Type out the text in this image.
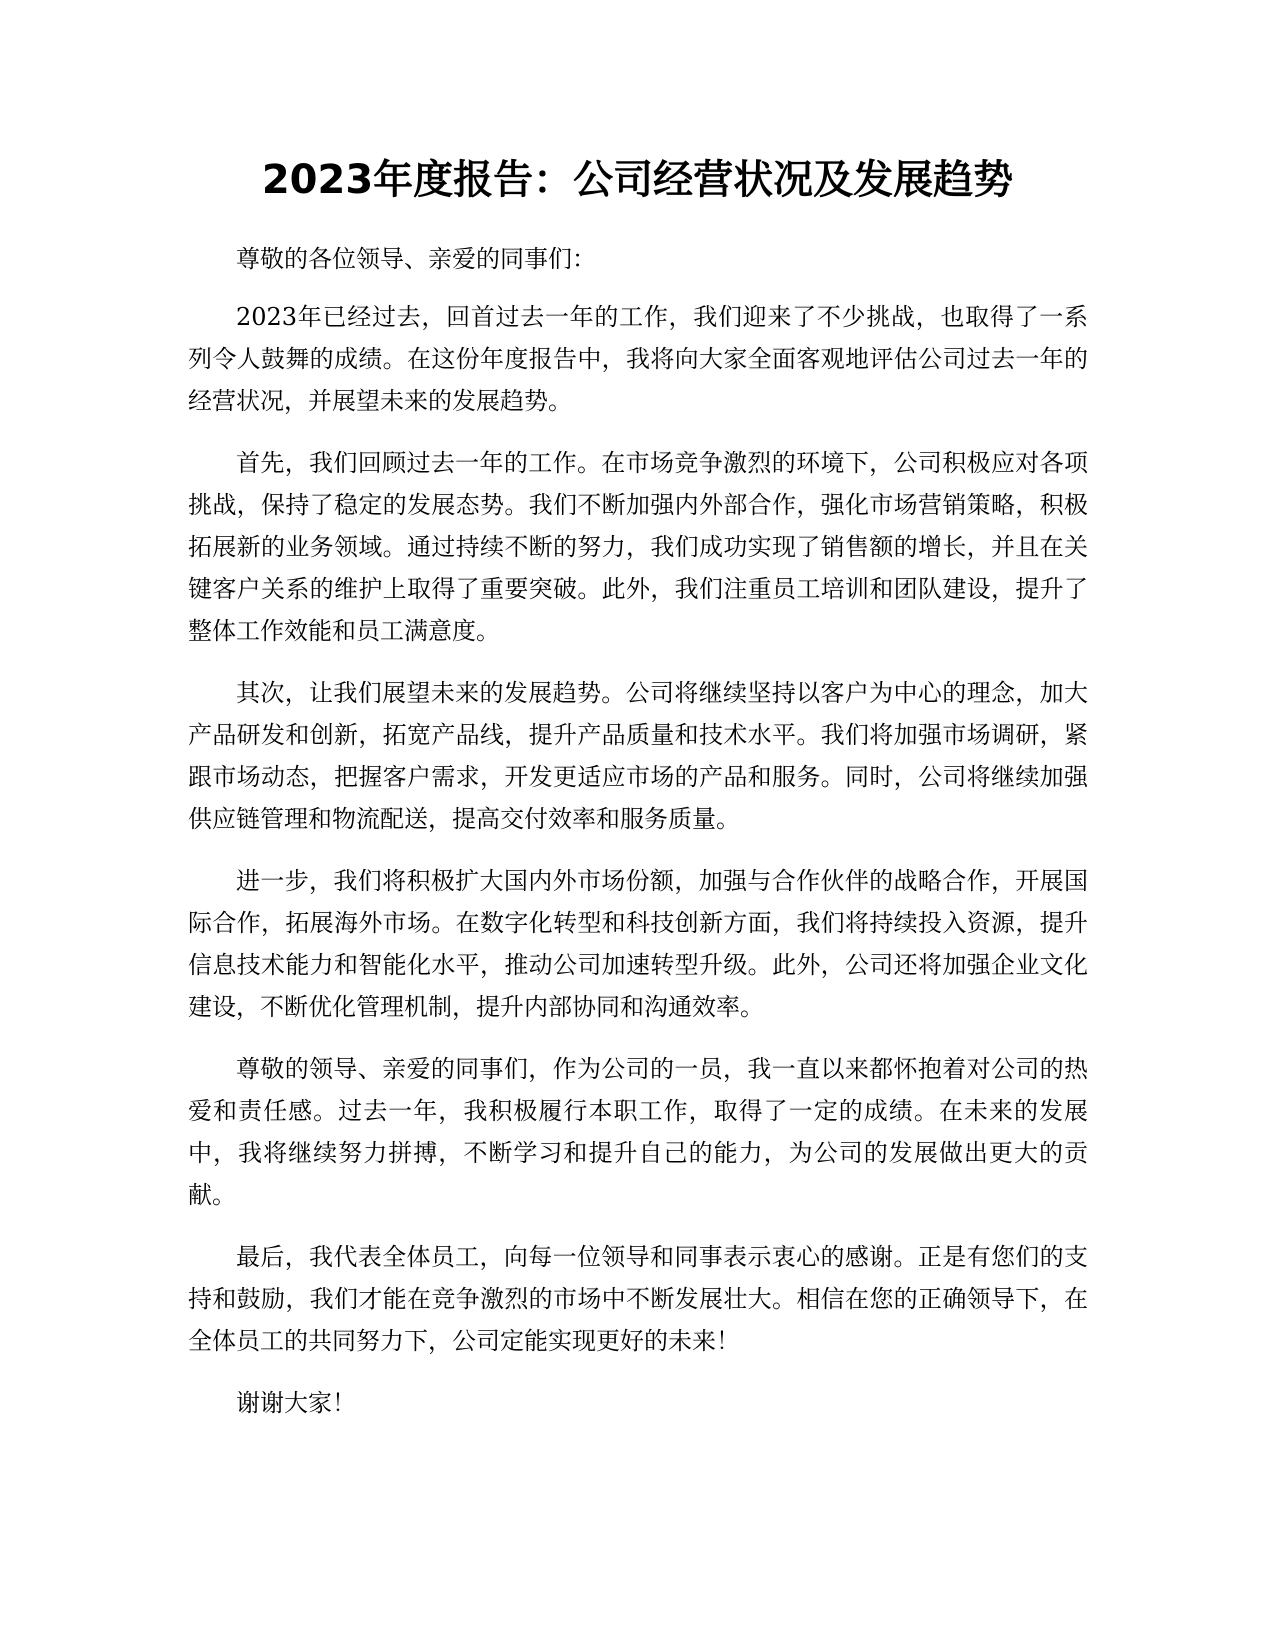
2023年度报告：公司经营状况及发展趋势

尊敬的各位领导、亲爱的同事们：

2023年已经过去，回首过去一年的工作，我们迎来了不少挑战，也取得了一系列令人鼓舞的成绩。在这份年度报告中，我将向大家全面客观地评估公司过去一年的经营状况，并展望未来的发展趋势。

首先，我们回顾过去一年的工作。在市场竞争激烈的环境下，公司积极应对各项挑战，保持了稳定的发展态势。我们不断加强内外部合作，强化市场营销策略，积极拓展新的业务领域。通过持续不断的努力，我们成功实现了销售额的增长，并且在关键客户关系的维护上取得了重要突破。此外，我们注重员工培训和团队建设，提升了整体工作效能和员工满意度。

其次，让我们展望未来的发展趋势。公司将继续坚持以客户为中心的理念，加大产品研发和创新，拓宽产品线，提升产品质量和技术水平。我们将加强市场调研，紧跟市场动态，把握客户需求，开发更适应市场的产品和服务。同时，公司将继续加强供应链管理和物流配送，提高交付效率和服务质量。

进一步，我们将积极扩大国内外市场份额，加强与合作伙伴的战略合作，开展国际合作，拓展海外市场。在数字化转型和科技创新方面，我们将持续投入资源，提升信息技术能力和智能化水平，推动公司加速转型升级。此外，公司还将加强企业文化建设，不断优化管理机制，提升内部协同和沟通效率。

尊敬的领导、亲爱的同事们，作为公司的一员，我一直以来都怀抱着对公司的热爱和责任感。过去一年，我积极履行本职工作，取得了一定的成绩。在未来的发展中，我将继续努力拼搏，不断学习和提升自己的能力，为公司的发展做出更大的贡献。

最后，我代表全体员工，向每一位领导和同事表示衷心的感谢。正是有您们的支持和鼓励，我们才能在竞争激烈的市场中不断发展壮大。相信在您的正确领导下，在全体员工的共同努力下，公司定能实现更好的未来！

谢谢大家！
